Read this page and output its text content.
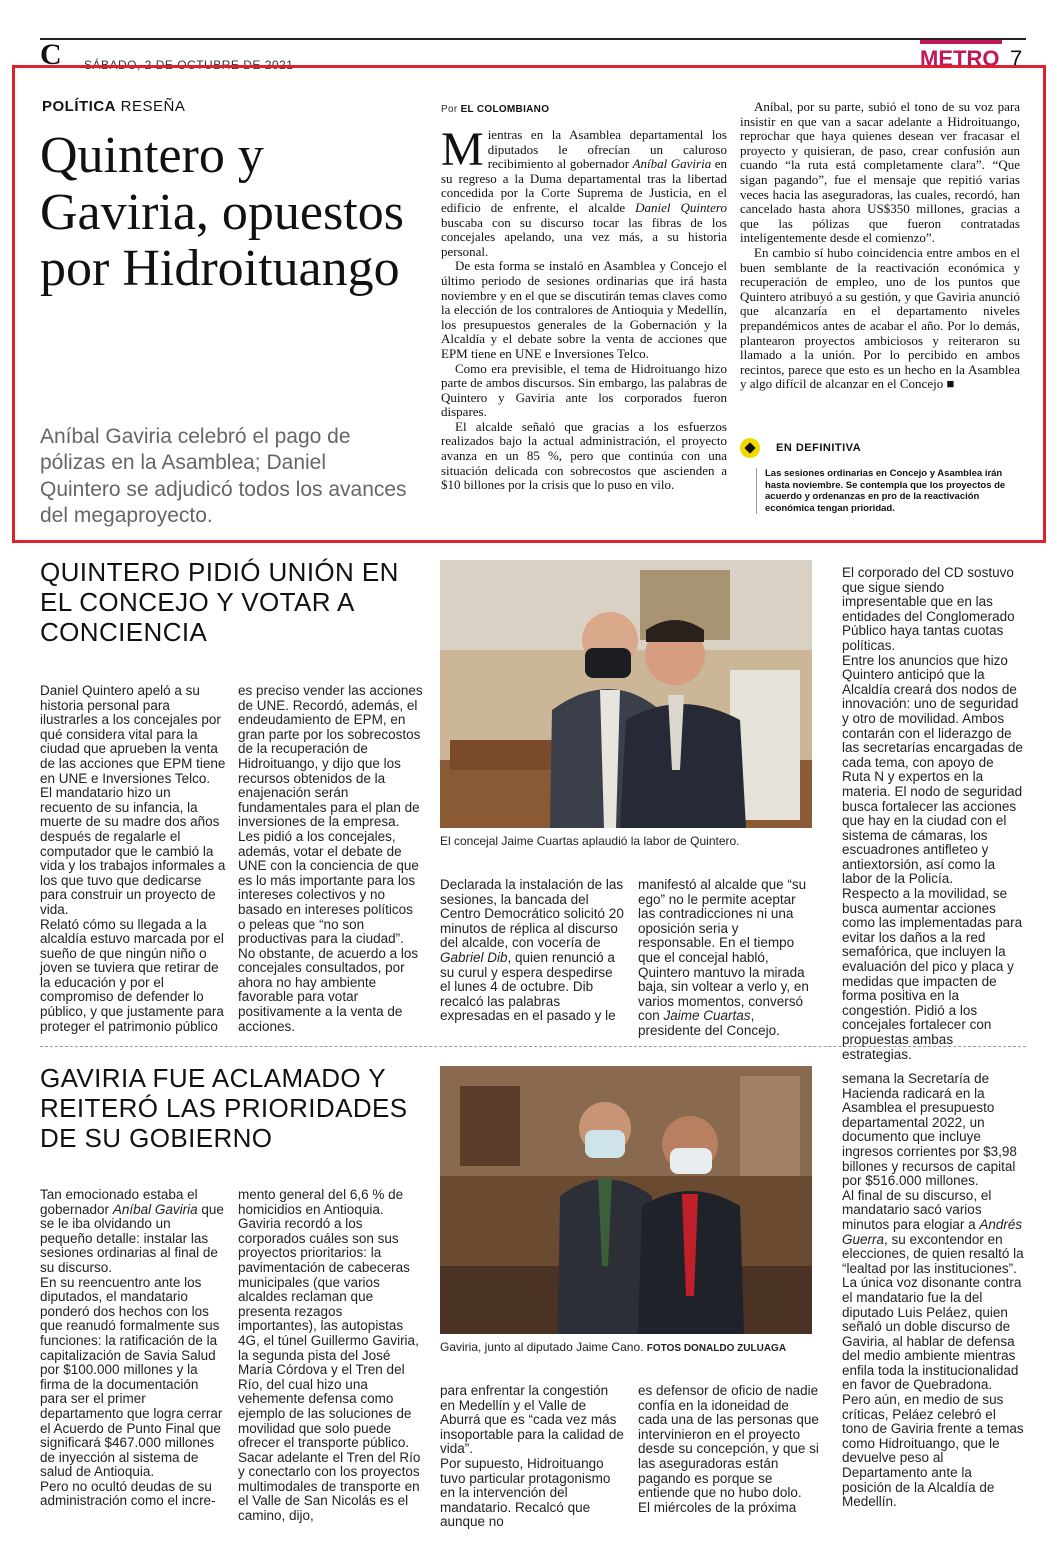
C SÁBADO, 2 DE OCTUBRE DE 2021	METRO 7
POLÍTICA RESEÑA
Quintero y Gaviria, opuestos por Hidroituango

Aníbal Gaviria celebró el pago de pólizas en la Asamblea; Daniel Quintero se adjudicó todos los avances del megaproyecto.

Por EL COLOMBIANO

Mientras en la Asamblea departamental los diputados le ofrecían un caluroso recibimiento al gobernador Aníbal Gaviria en su regreso a la Duma departamental tras la libertad concedida por la Corte Suprema de Justicia, en el edificio de enfrente, el alcalde Daniel Quintero buscaba con su discurso tocar las fibras de los concejales apelando, una vez más, a su historia personal.

De esta forma se instaló en Asamblea y Concejo el último periodo de sesiones ordinarias que irá hasta noviembre y en el que se discutirán temas claves como la elección de los contralores de Antioquia y Medellín, los presupuestos generales de la Gobernación y la Alcaldía y el debate sobre la venta de acciones que EPM tiene en UNE e Inversiones Telco.

Como era previsible, el tema de Hidroituango hizo parte de ambos discursos. Sin embargo, las palabras de Quintero y Gaviria ante los corporados fueron dispares.

El alcalde señaló que gracias a los esfuerzos realizados bajo la actual administración, el proyecto avanza en un 85 %, pero que continúa con una situación delicada con sobrecostos que ascienden a $10 billones por la crisis que lo puso en vilo.

Aníbal, por su parte, subió el tono de su voz para insistir en que van a sacar adelante a Hidroituango, reprochar que haya quienes desean ver fracasar el proyecto y quisieran, de paso, crear confusión aun cuando “la ruta está completamente clara”. “Que sigan pagando”, fue el mensaje que repitió varias veces hacia las aseguradoras, las cuales, recordó, han cancelado hasta ahora US$350 millones, gracias a que las pólizas que fueron contratadas inteligentemente desde el comienzo”.

En cambio sí hubo coincidencia entre ambos en el buen semblante de la reactivación económica y recuperación de empleo, uno de los puntos que Quintero atribuyó a su gestión, y que Gaviria anunció que alcanzaría en el departamento niveles prepandémicos antes de acabar el año. Por lo demás, plantearon proyectos ambiciosos y reiteraron su llamado a la unión. Por lo percibido en ambos recintos, parece que esto es un hecho en la Asamblea y algo difícil de alcanzar en el Concejo ■

EN DEFINITIVA
Las sesiones ordinarias en Concejo y Asamblea irán hasta noviembre. Se contempla que los proyectos de acuerdo y ordenanzas en pro de la reactivación económica tengan prioridad.
QUINTERO PIDIÓ UNIÓN EN EL CONCEJO Y VOTAR A CONCIENCIA
Daniel Quintero apeló a su historia personal para ilustrarles a los concejales por qué considera vital para la ciudad que aprueben la venta de las acciones que EPM tiene en UNE e Inversiones Telco.
El mandatario hizo un recuento de su infancia, la muerte de su madre dos años después de regalarle el computador que le cambió la vida y los trabajos informales a los que tuvo que dedicarse para construir un proyecto de vida.
Relató cómo su llegada a la alcaldía estuvo marcada por el sueño de que ningún niño o joven se tuviera que retirar de la educación y por el compromiso de defender lo público, y que justamente para proteger el patrimonio público
es preciso vender las acciones de UNE. Recordó, además, el endeudamiento de EPM, en gran parte por los sobrecostos de la recuperación de Hidroituango, y dijo que los recursos obtenidos de la enajenación serán fundamentales para el plan de inversiones de la empresa.
Les pidió a los concejales, además, votar el debate de UNE con la conciencia de que es lo más importante para los intereses colectivos y no basado en intereses políticos o peleas que “no son productivas para la ciudad”.
No obstante, de acuerdo a los concejales consultados, por ahora no hay ambiente favorable para votar positivamente a la venta de acciones.
El concejal Jaime Cuartas aplaudió la labor de Quintero.
Declarada la instalación de las sesiones, la bancada del Centro Democrático solicitó 20 minutos de réplica al discurso del alcalde, con vocería de Gabriel Dib, quien renunció a su curul y espera despedirse el lunes 4 de octubre. Dib recalcó las palabras expresadas en el pasado y le
manifestó al alcalde que “su ego” no le permite aceptar las contradicciones ni una oposición seria y responsable. En el tiempo que el concejal habló, Quintero mantuvo la mirada baja, sin voltear a verlo y, en varios momentos, conversó con Jaime Cuartas, presidente del Concejo.
El corporado del CD sostuvo que sigue siendo impresentable que en las entidades del Conglomerado Público haya tantas cuotas políticas.
Entre los anuncios que hizo Quintero anticipó que la Alcaldía creará dos nodos de innovación: uno de seguridad y otro de movilidad. Ambos contarán con el liderazgo de las secretarías encargadas de cada tema, con apoyo de Ruta N y expertos en la materia. El nodo de seguridad busca fortalecer las acciones que hay en la ciudad con el sistema de cámaras, los escuadrones antifleteo y antiextorsión, así como la labor de la Policía.
Respecto a la movilidad, se busca aumentar acciones como las implementadas para evitar los daños a la red semafórica, que incluyen la evaluación del pico y placa y medidas que impacten de forma positiva en la congestión. Pidió a los concejales fortalecer con propuestas ambas estrategias.
GAVIRIA FUE ACLAMADO Y REITERÓ LAS PRIORIDADES DE SU GOBIERNO
Tan emocionado estaba el gobernador Aníbal Gaviria que se le iba olvidando un pequeño detalle: instalar las sesiones ordinarias al final de su discurso.
En su reencuentro ante los diputados, el mandatario ponderó dos hechos con los que reanudó formalmente sus funciones: la ratificación de la capitalización de Savia Salud por $100.000 millones y la firma de la documentación para ser el primer departamento que logra cerrar el Acuerdo de Punto Final que significará $467.000 millones de inyección al sistema de salud de Antioquia.
Pero no ocultó deudas de su administración como el incre-
mento general del 6,6 % de homicidios en Antioquia.
Gaviria recordó a los corporados cuáles son sus proyectos prioritarios: la pavimentación de cabeceras municipales (que varios alcaldes reclaman que presenta rezagos importantes), las autopistas 4G, el túnel Guillermo Gaviria, la segunda pista del José María Córdova y el Tren del Río, del cual hizo una vehemente defensa como ejemplo de las soluciones de movilidad que solo puede ofrecer el transporte público.
Sacar adelante el Tren del Río y conectarlo con los proyectos multimodales de transporte en el Valle de San Nicolás es el camino, dijo,
Gaviria, junto al diputado Jaime Cano. FOTOS DONALDO ZULUAGA
para enfrentar la congestión en Medellín y el Valle de Aburrá que es “cada vez más insoportable para la calidad de vida”.
Por supuesto, Hidroituango tuvo particular protagonismo en la intervención del mandatario. Recalcó que aunque no
es defensor de oficio de nadie confía en la idoneidad de cada una de las personas que intervinieron en el proyecto desde su concepción, y que si las aseguradoras están pagando es porque se entiende que no hubo dolo.
El miércoles de la próxima
semana la Secretaría de Hacienda radicará en la Asamblea el presupuesto departamental 2022, un documento que incluye ingresos corrientes por $3,98 billones y recursos de capital por $516.000 millones.
Al final de su discurso, el mandatario sacó varios minutos para elogiar a Andrés Guerra, su excontendor en elecciones, de quien resaltó la “lealtad por las instituciones”. La única voz disonante contra el mandatario fue la del diputado Luis Peláez, quien señaló un doble discurso de Gaviria, al hablar de defensa del medio ambiente mientras enfila toda la institucionalidad en favor de Quebradona. Pero aún, en medio de sus críticas, Peláez celebró el tono de Gaviria frente a temas como Hidroituango, que le devuelve peso al Departamento ante la posición de la Alcaldía de Medellín.
